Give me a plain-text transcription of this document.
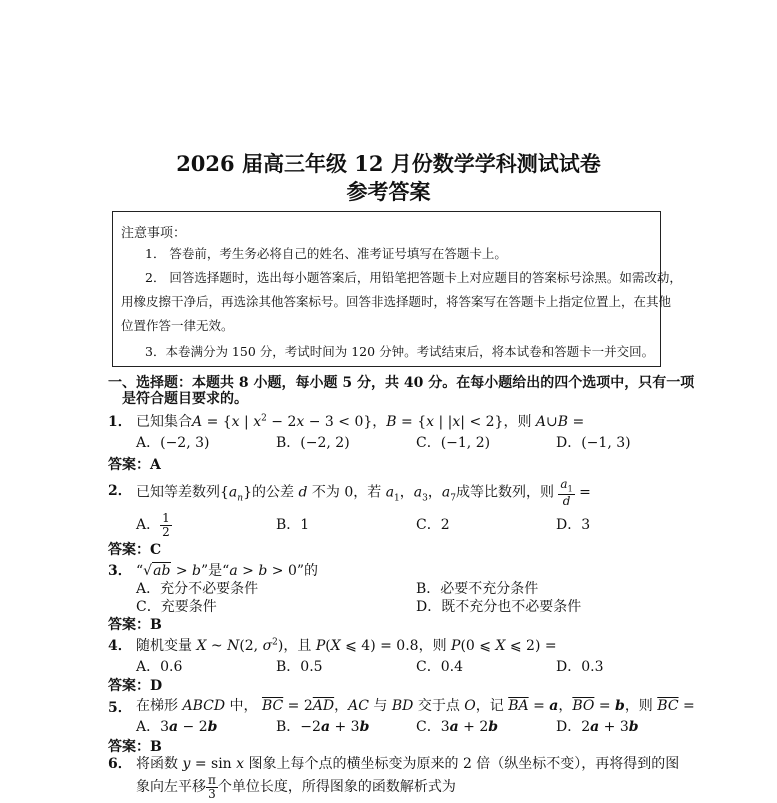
2026 届高三年级 12 月份数学学科测试试卷
参考答案
注意事项：
1． 答卷前，考生务必将自己的姓名、准考证号填写在答题卡上。
2． 回答选择题时，选出每小题答案后，用铅笔把答题卡上对应题目的答案标号涂黑。如需改动，
用橡皮擦干净后，再选涂其他答案标号。回答非选择题时，将答案写在答题卡上指定位置上，在其他
位置作答一律无效。
3．本卷满分为 150 分，考试时间为 120 分钟。考试结束后，将本试卷和答题卡一并交回。
一、选择题：本题共 8 小题，每小题 5 分，共 40 分。在每小题给出的四个选项中，只有一项
是符合题目要求的。
1． 已知集合A = {x | $x^2 - 2x - 3 < 0$}，B = {x | |x| < 2}，则 A∪B =
A．(−2, 3)	B．(−2, 2)	C．(−1, 2)	D．(−1, 3)
答案：A
2． 已知等差数列$\{a_n\}$的公差 d 不为 0，若 $a_1$，$a_3$，$a_7$成等比数列，则 $\frac{a_1}{d}$ =
A． $\frac{1}{2}$	B．1	C．2	D．3
答案：C
3． “√ab > b”是“a > b > 0”的
A．充分不必要条件	B．必要不充分条件
C．充要条件	D．既不充分也不必要条件
答案：B
4． 随机变量 X ~ N(2, $\sigma^2$)，且 P(X ⩽ 4) = 0.8，则 P(0 ⩽ X ⩽ 2) =
A．0.6	B．0.5	C．0.4	D．0.3
答案：D
5． 在梯形 ABCD 中， $\overline{BC} = 2\overline{AD}$，AC 与 BD 交于点 O，记 $\overline{BA} = a$，$\overline{BO} = b$，则 $\overline{BC}$ =
A．3a − 2b	B．−2a + 3b	C．3a + 2b	D．2a + 3b
答案：B
6． 将函数 y = sin x 图象上每个点的横坐标变为原来的 2 倍（纵坐标不变），再将得到的图
象向左平移 $\frac{\pi}{3}$ 个单位长度，所得图象的函数解析式为
